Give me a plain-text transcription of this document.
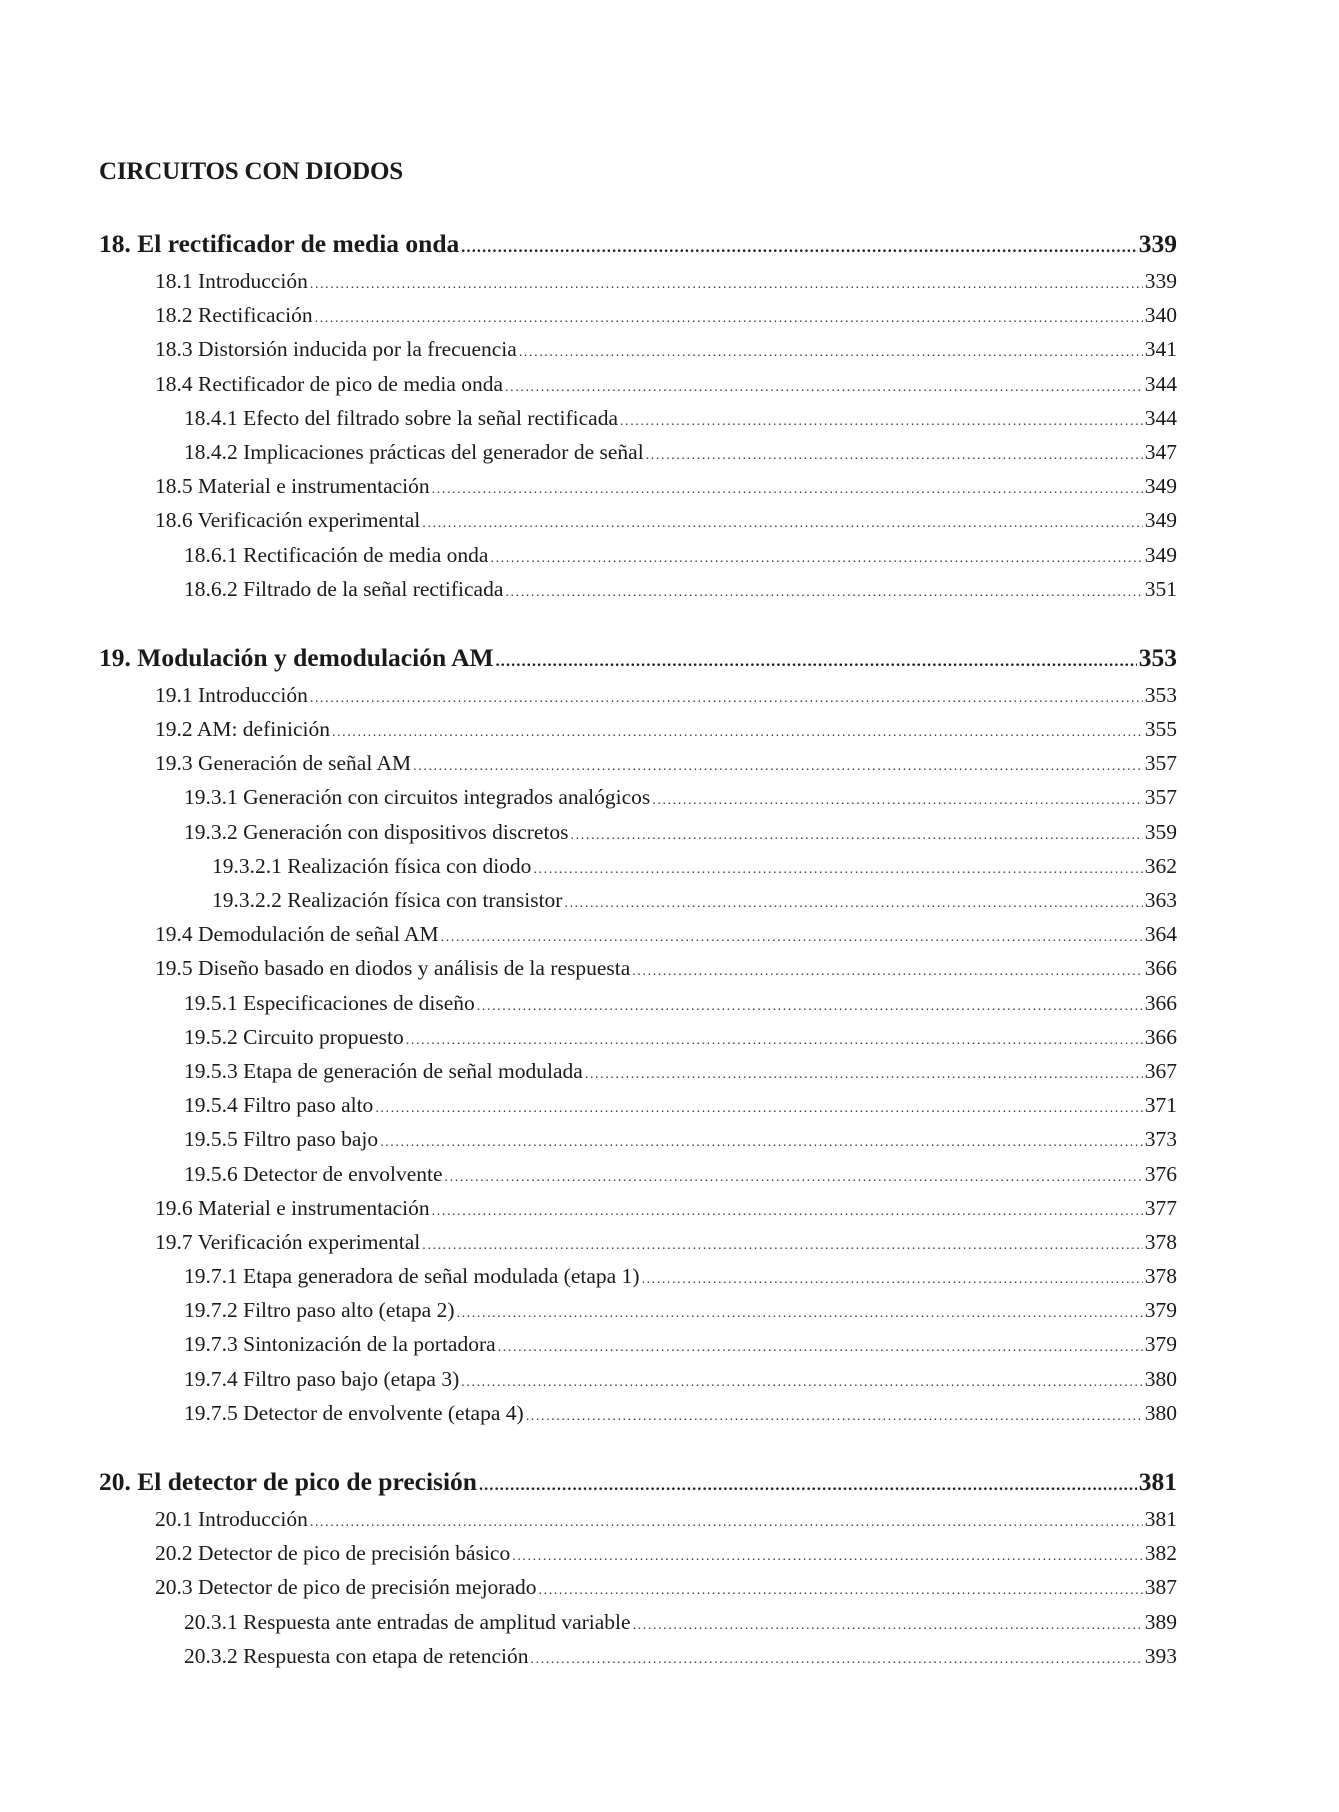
CIRCUITOS CON DIODOS
18. El rectificador de media onda .....	339
18.1 Introducción .....	339
18.2 Rectificación .....	340
18.3 Distorsión inducida por la frecuencia .....	341
18.4 Rectificador de pico de media onda .....	344
18.4.1 Efecto del filtrado sobre la señal rectificada .....	344
18.4.2 Implicaciones prácticas del generador de señal .....	347
18.5 Material e instrumentación .....	349
18.6 Verificación experimental .....	349
18.6.1 Rectificación de media onda .....	349
18.6.2 Filtrado de la señal rectificada .....	351
19. Modulación y demodulación AM .....	353
19.1 Introducción .....	353
19.2 AM: definición .....	355
19.3 Generación de señal AM .....	357
19.3.1 Generación con circuitos integrados analógicos .....	357
19.3.2 Generación con dispositivos discretos .....	359
19.3.2.1 Realización física con diodo .....	362
19.3.2.2 Realización física con transistor .....	363
19.4 Demodulación de señal AM .....	364
19.5 Diseño basado en diodos y análisis de la respuesta .....	366
19.5.1 Especificaciones de diseño .....	366
19.5.2 Circuito propuesto .....	366
19.5.3 Etapa de generación de señal modulada .....	367
19.5.4 Filtro paso alto .....	371
19.5.5 Filtro paso bajo .....	373
19.5.6 Detector de envolvente .....	376
19.6 Material e instrumentación .....	377
19.7 Verificación experimental .....	378
19.7.1 Etapa generadora de señal modulada (etapa 1) .....	378
19.7.2 Filtro paso alto (etapa 2) .....	379
19.7.3 Sintonización de la portadora .....	379
19.7.4 Filtro paso bajo (etapa 3) .....	380
19.7.5 Detector de envolvente (etapa 4) .....	380
20. El detector de pico de precisión .....	381
20.1 Introducción .....	381
20.2 Detector de pico de precisión básico .....	382
20.3 Detector de pico de precisión mejorado .....	387
20.3.1 Respuesta ante entradas de amplitud variable .....	389
20.3.2 Respuesta con etapa de retención .....	393
